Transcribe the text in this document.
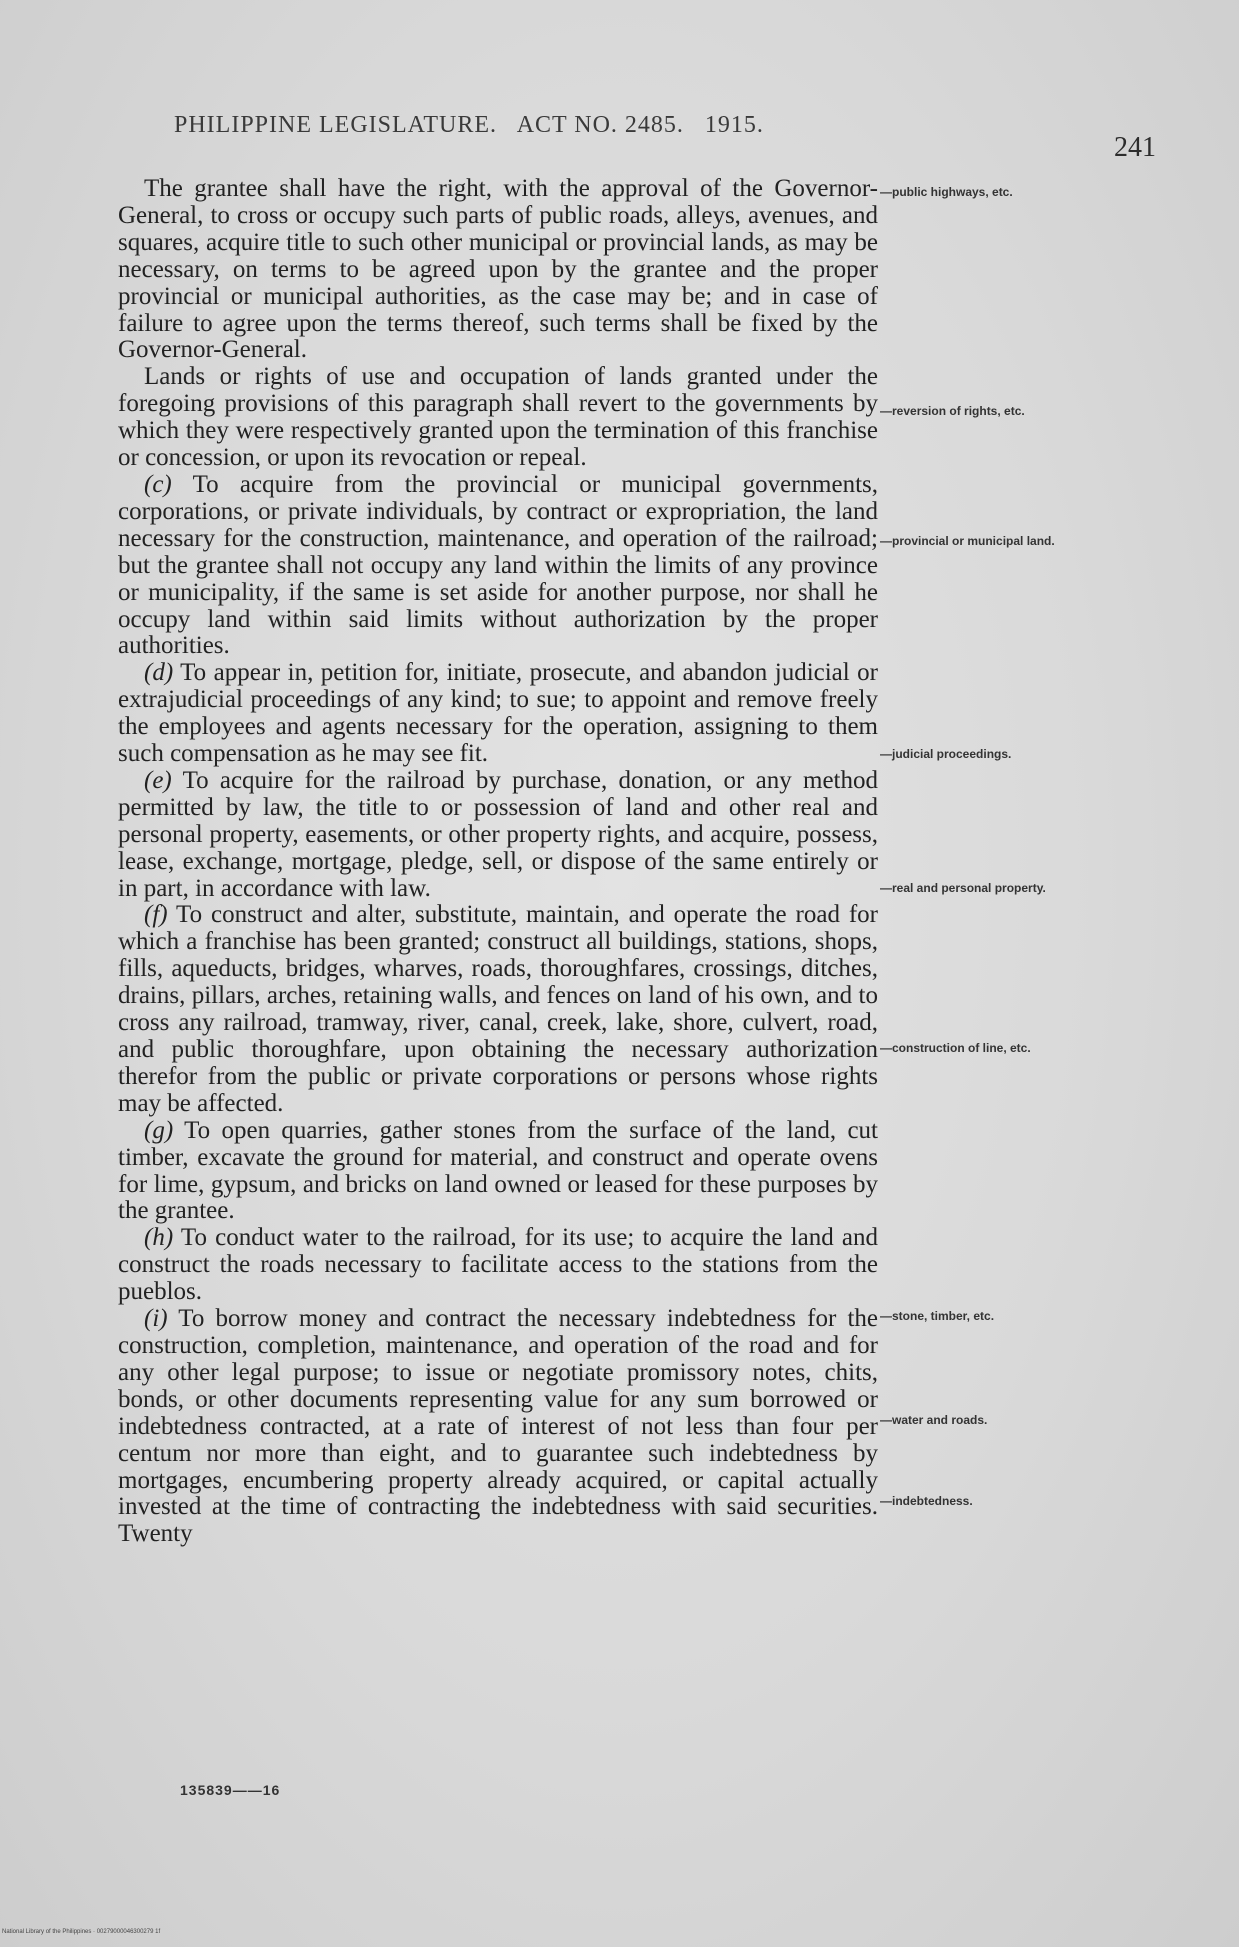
PHILIPPINE LEGISLATURE. ACT NO. 2485. 1915.
241

The grantee shall have the right, with the approval of the Governor-General, to cross or occupy such parts of public roads, alleys, avenues, and squares, acquire title to such other municipal or provincial lands, as may be necessary, on terms to be agreed upon by the grantee and the proper provincial or municipal authorities, as the case may be; and in case of failure to agree upon the terms thereof, such terms shall be fixed by the Governor-General.

Lands or rights of use and occupation of lands granted under the foregoing provisions of this paragraph shall revert to the governments by which they were respectively granted upon the termination of this franchise or concession, or upon its revocation or repeal.

(c) To acquire from the provincial or municipal governments, corporations, or private individuals, by contract or expropriation, the land necessary for the construction, maintenance, and operation of the railroad; but the grantee shall not occupy any land within the limits of any province or municipality, if the same is set aside for another purpose, nor shall he occupy land within said limits without authorization by the proper authorities.

(d) To appear in, petition for, initiate, prosecute, and abandon judicial or extrajudicial proceedings of any kind; to sue; to appoint and remove freely the employees and agents necessary for the operation, assigning to them such compensation as he may see fit.

(e) To acquire for the railroad by purchase, donation, or any method permitted by law, the title to or possession of land and other real and personal property, easements, or other property rights, and acquire, possess, lease, exchange, mortgage, pledge, sell, or dispose of the same entirely or in part, in accordance with law.

(f) To construct and alter, substitute, maintain, and operate the road for which a franchise has been granted; construct all buildings, stations, shops, fills, aqueducts, bridges, wharves, roads, thoroughfares, crossings, ditches, drains, pillars, arches, retaining walls, and fences on land of his own, and to cross any railroad, tramway, river, canal, creek, lake, shore, culvert, road, and public thoroughfare, upon obtaining the necessary authorization therefor from the public or private corporations or persons whose rights may be affected.

(g) To open quarries, gather stones from the surface of the land, cut timber, excavate the ground for material, and construct and operate ovens for lime, gypsum, and bricks on land owned or leased for these purposes by the grantee.

(h) To conduct water to the railroad, for its use; to acquire the land and construct the roads necessary to facilitate access to the stations from the pueblos.

(i) To borrow money and contract the necessary indebtedness for the construction, completion, maintenance, and operation of the road and for any other legal purpose; to issue or negotiate promissory notes, chits, bonds, or other documents representing value for any sum borrowed or indebtedness contracted, at a rate of interest of not less than four per centum nor more than eight, and to guarantee such indebtedness by mortgages, encumbering property already acquired, or capital actually invested at the time of contracting the indebtedness with said securities. Twenty

—public highways, etc.
—reversion of rights, etc.
—provincial or municipal land.
—judicial proceedings.
—real and personal property.
—construction of line, etc.
—stone, timber, etc.
—water and roads.
—indebtedness.
135839——16
National Library of the Philippines · 00279000046300279 1f
